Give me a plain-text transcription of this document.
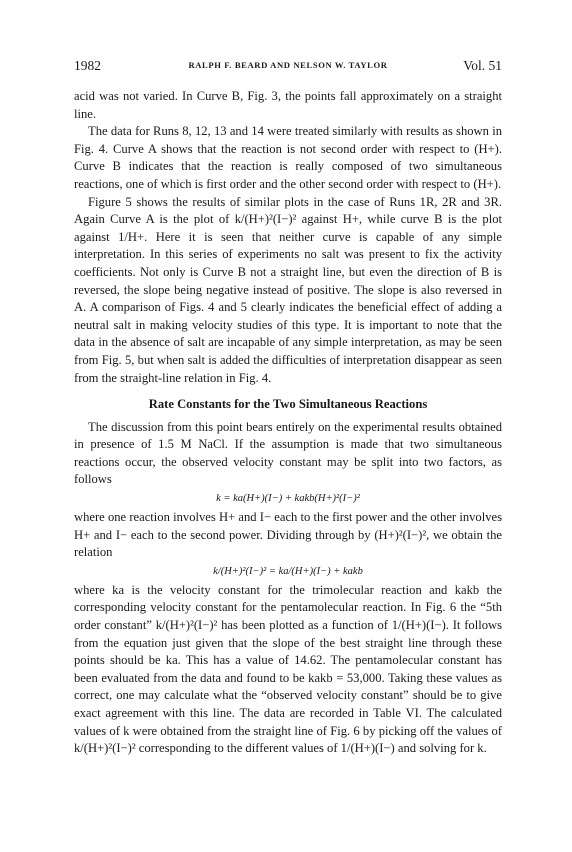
1982	RALPH F. BEARD AND NELSON W. TAYLOR	Vol. 51

acid was not varied. In Curve B, Fig. 3, the points fall approximately on a straight line.

The data for Runs 8, 12, 13 and 14 were treated similarly with results as shown in Fig. 4. Curve A shows that the reaction is not second order with respect to (H+). Curve B indicates that the reaction is really composed of two simultaneous reactions, one of which is first order and the other second order with respect to (H+).

Figure 5 shows the results of similar plots in the case of Runs 1R, 2R and 3R. Again Curve A is the plot of k/(H+)²(I−)² against H+, while curve B is the plot against 1/H+. Here it is seen that neither curve is capable of any simple interpretation. In this series of experiments no salt was present to fix the activity coefficients. Not only is Curve B not a straight line, but even the direction of B is reversed, the slope being negative instead of positive. The slope is also reversed in A. A comparison of Figs. 4 and 5 clearly indicates the beneficial effect of adding a neutral salt in making velocity studies of this type. It is important to note that the data in the absence of salt are incapable of any simple interpretation, as may be seen from Fig. 5, but when salt is added the difficulties of interpretation disappear as seen from the straight-line relation in Fig. 4.

Rate Constants for the Two Simultaneous Reactions

The discussion from this point bears entirely on the experimental results obtained in presence of 1.5 M NaCl. If the assumption is made that two simultaneous reactions occur, the observed velocity constant may be split into two factors, as follows

k = ka(H+)(I−) + kakb(H+)²(I−)²

where one reaction involves H+ and I− each to the first power and the other involves H+ and I− each to the second power. Dividing through by (H+)²(I−)², we obtain the relation

k/(H+)²(I−)² = ka/(H+)(I−) + kakb

where ka is the velocity constant for the trimolecular reaction and kakb the corresponding velocity constant for the pentamolecular reaction. In Fig. 6 the “5th order constant” k/(H+)²(I−)² has been plotted as a function of 1/(H+)(I−). It follows from the equation just given that the slope of the best straight line through these points should be ka. This has a value of 14.62. The pentamolecular constant has been evaluated from the data and found to be kakb = 53,000. Taking these values as correct, one may calculate what the “observed velocity constant” should be to give exact agreement with this line. The data are recorded in Table VI. The calculated values of k were obtained from the straight line of Fig. 6 by picking off the values of k/(H+)²(I−)² corresponding to the different values of 1/(H+)(I−) and solving for k.
